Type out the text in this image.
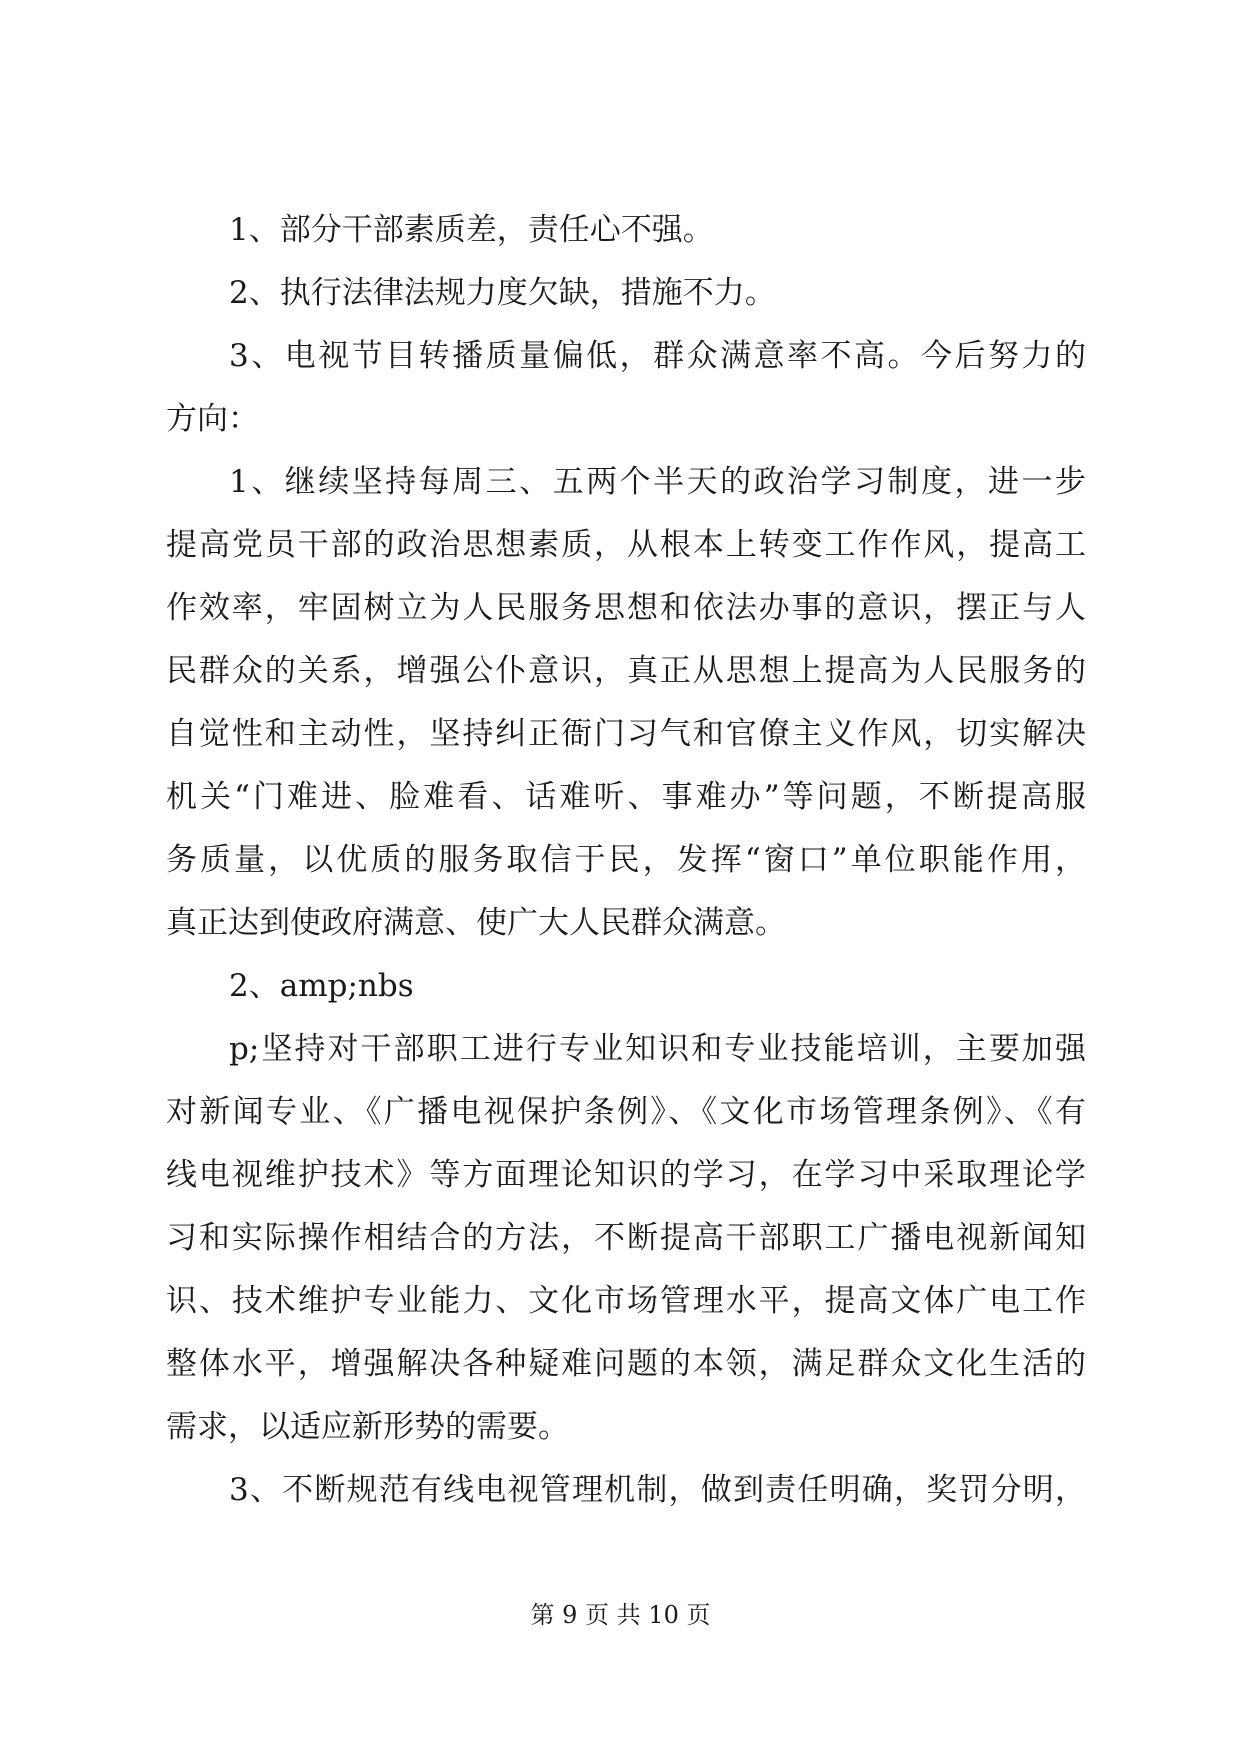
1、部分干部素质差，责任心不强。
2、执行法律法规力度欠缺，措施不力。
3、电视节目转播质量偏低，群众满意率不高。今后努力的
方向：
1、继续坚持每周三、五两个半天的政治学习制度，进一步
提高党员干部的政治思想素质，从根本上转变工作作风，提高工
作效率，牢固树立为人民服务思想和依法办事的意识，摆正与人
民群众的关系，增强公仆意识，真正从思想上提高为人民服务的
自觉性和主动性，坚持纠正衙门习气和官僚主义作风，切实解决
机关“门难进、脸难看、话难听、事难办”等问题，不断提高服
务质量，以优质的服务取信于民，发挥“窗口”单位职能作用，
真正达到使政府满意、使广大人民群众满意。
2、amp;nbs
p;坚持对干部职工进行专业知识和专业技能培训，主要加强
对新闻专业、《广播电视保护条例》、《文化市场管理条例》、《有
线电视维护技术》等方面理论知识的学习，在学习中采取理论学
习和实际操作相结合的方法，不断提高干部职工广播电视新闻知
识、技术维护专业能力、文化市场管理水平，提高文体广电工作
整体水平，增强解决各种疑难问题的本领，满足群众文化生活的
需求，以适应新形势的需要。
3、不断规范有线电视管理机制，做到责任明确，奖罚分明，
第 9 页 共 10 页
